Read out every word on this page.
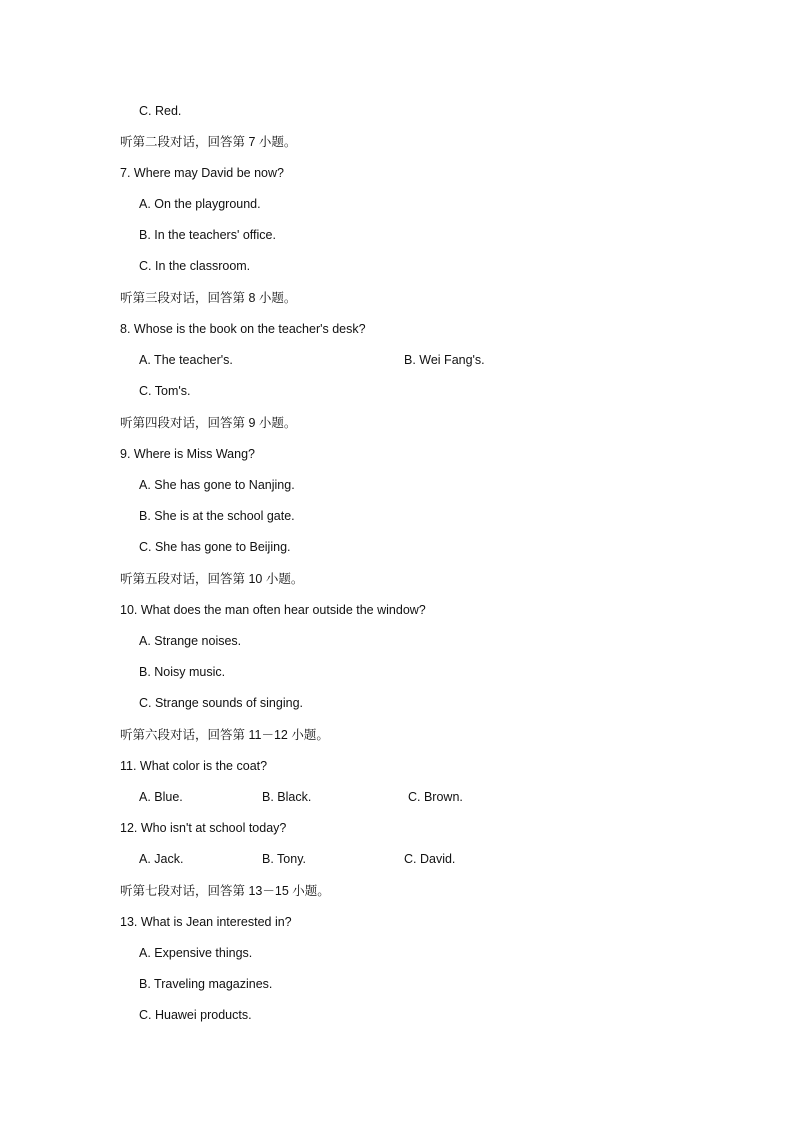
C. Red.
听第二段对话，回答第 7 小题。
7. Where may David be now?
A. On the playground.
B. In the teachers' office.
C. In the classroom.
听第三段对话，回答第 8 小题。
8. Whose is the book on the teacher's desk?
A. The teacher's.	B. Wei Fang's.
C. Tom's.
听第四段对话，回答第 9 小题。
9. Where is Miss Wang?
A. She has gone to Nanjing.
B. She is at the school gate.
C. She has gone to Beijing.
听第五段对话，回答第 10 小题。
10. What does the man often hear outside the window?
A. Strange noises.
B. Noisy music.
C. Strange sounds of singing.
听第六段对话，回答第 11－12 小题。
11. What color is the coat?
A. Blue.	B. Black.	C. Brown.
12. Who isn't at school today?
A. Jack.	B. Tony.	C. David.
听第七段对话，回答第 13－15 小题。
13. What is Jean interested in?
A. Expensive things.
B. Traveling magazines.
C. Huawei products.
